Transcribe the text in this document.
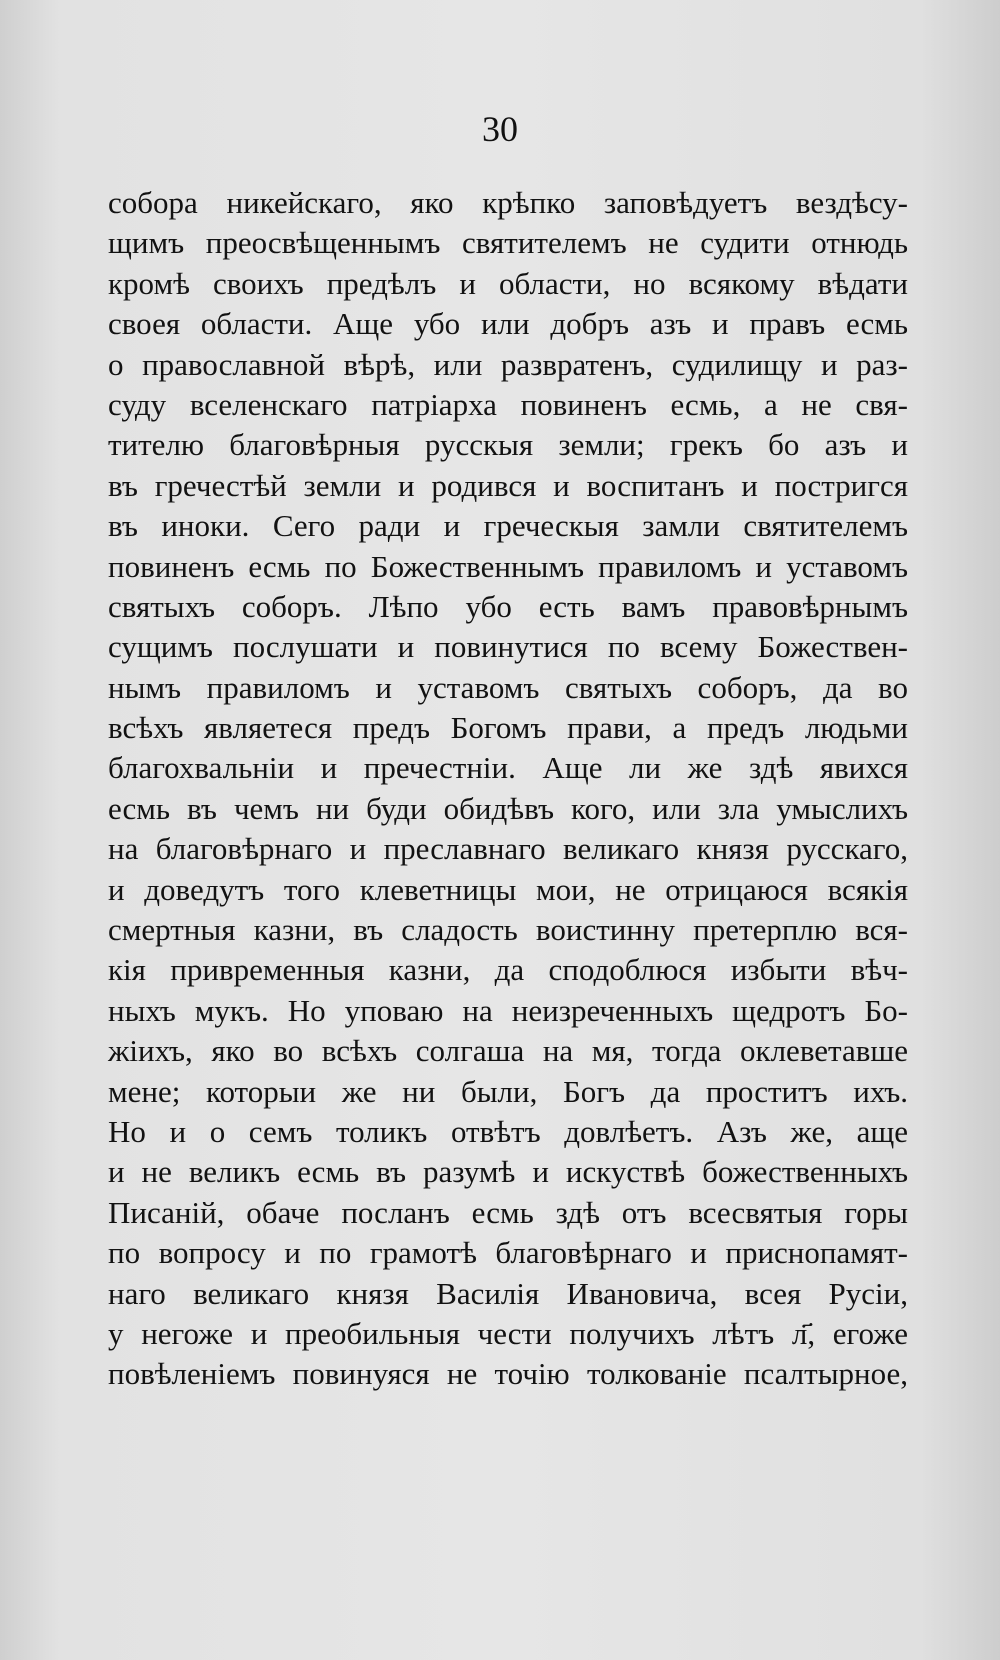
30
собора никейскаго, яко крѣпко заповѣдуетъ вездѣсу-
щимъ преосвѣщеннымъ святителемъ не судити отнюдь
кромѣ своихъ предѣлъ и области, но всякому вѣдати
своея области. Аще убо или добръ азъ и правъ есмь
о православной вѣрѣ, или развратенъ, судилищу и раз-
суду вселенскаго патріарха повиненъ есмь, а не свя-
тителю благовѣрныя русскыя земли; грекъ бо азъ и
въ гречестѣй земли и родився и воспитанъ и постригся
въ иноки. Сего ради и греческыя замли святителемъ
повиненъ есмь по Божественнымъ правиломъ и уставомъ
святыхъ соборъ. Лѣпо убо есть вамъ правовѣрнымъ
сущимъ послушати и повинутися по всему Божествен-
нымъ правиломъ и уставомъ святыхъ соборъ, да во
всѣхъ являетеся предъ Богомъ прави, а предъ людьми
благохвальніи и пречестніи. Аще ли же здѣ явихся
есмь въ чемъ ни буди обидѣвъ кого, или зла умыслихъ
на благовѣрнаго и преславнаго великаго князя русскаго,
и доведутъ того клеветницы мои, не отрицаюся всякія
смертныя казни, въ сладость воистинну претерплю вся-
кія привременныя казни, да сподоблюся избыти вѣч-
ныхъ мукъ. Но уповаю на неизреченныхъ щедротъ Бо-
жіихъ, яко во всѣхъ солгаша на мя, тогда оклеветавше
мене; которыи же ни были, Богъ да проститъ ихъ.
Но и о семъ толикъ отвѣтъ довлѣетъ. Азъ же, аще
и не великъ есмь въ разумѣ и искуствѣ божественныхъ
Писаній, обаче посланъ есмь здѣ отъ всесвятыя горы
по вопросу и по грамотѣ благовѣрнаго и приснопамят-
наго великаго князя Василія Ивановича, всея Русіи,
у негоже и преобильныя чести получихъ лѣтъ л҃, егоже
повѣленіемъ повинуяся не точію толкованіе псалтырное,
